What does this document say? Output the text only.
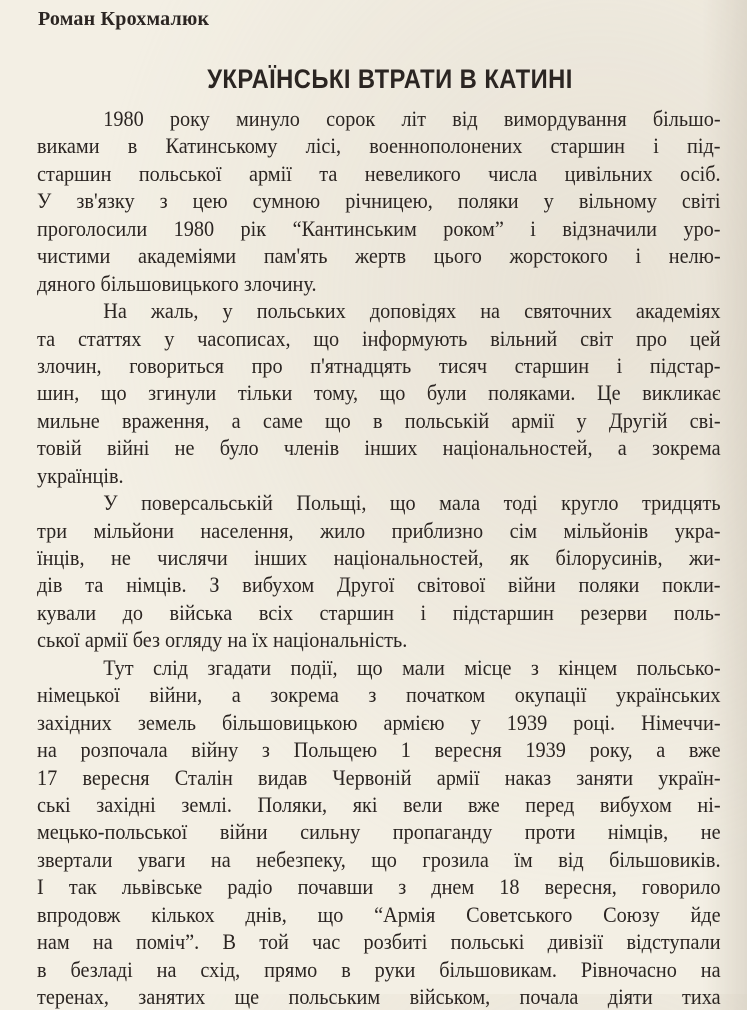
Роман Крохмалюк
УКРАЇНСЬКІ ВТРАТИ В КАТИНІ
1980 року минуло сорок літ від вимордування більшо-
виками в Катинському лісі, военнополонених старшин і під-
старшин польської армії та невеликого числа цивільних осіб.
У зв'язку з цею сумною річницею, поляки у вільному світі
проголосили 1980 рік “Кантинським роком” і відзначили уро-
чистими академіями пам'ять жертв цього жорстокого і нелю-
дяного більшовицького злочину.
На жаль, у польських доповідях на святочних академіях
та статтях у часописах, що інформують вільний світ про цей
злочин, говориться про п'ятнадцять тисяч старшин і підстар-
шин, що згинули тільки тому, що були поляками. Це викликає
мильне враження, а саме що в польській армії у Другій сві-
товій війні не було членів інших національностей, а зокрема
українців.
У поверсальській Польщі, що мала тоді кругло тридцять
три мільйони населення, жило приблизно сім мільйонів укра-
їнців, не числячи інших національностей, як білорусинів, жи-
дів та німців. З вибухом Другої світової війни поляки покли-
кували до війська всіх старшин і підстаршин резерви поль-
ської армії без огляду на їх національність.
Тут слід згадати події, що мали місце з кінцем польсько-
німецької війни, а зокрема з початком окупації українських
західних земель більшовицькою армією у 1939 році. Німеччи-
на розпочала війну з Польщею 1 вересня 1939 року, а вже
17 вересня Сталін видав Червоній армії наказ заняти україн-
ські західні землі. Поляки, які вели вже перед вибухом ні-
мецько-польської війни сильну пропаганду проти німців, не
звертали уваги на небезпеку, що грозила їм від більшовиків.
І так львівське радіо почавши з днем 18 вересня, говорило
впродовж кількох днів, що “Армія Советського Союзу йде
нам на поміч”. В той час розбиті польські дивізії відступали
в безладі на схід, прямо в руки більшовикам. Рівночасно на
теренах, занятих ще польським військом, почала діяти тиха
